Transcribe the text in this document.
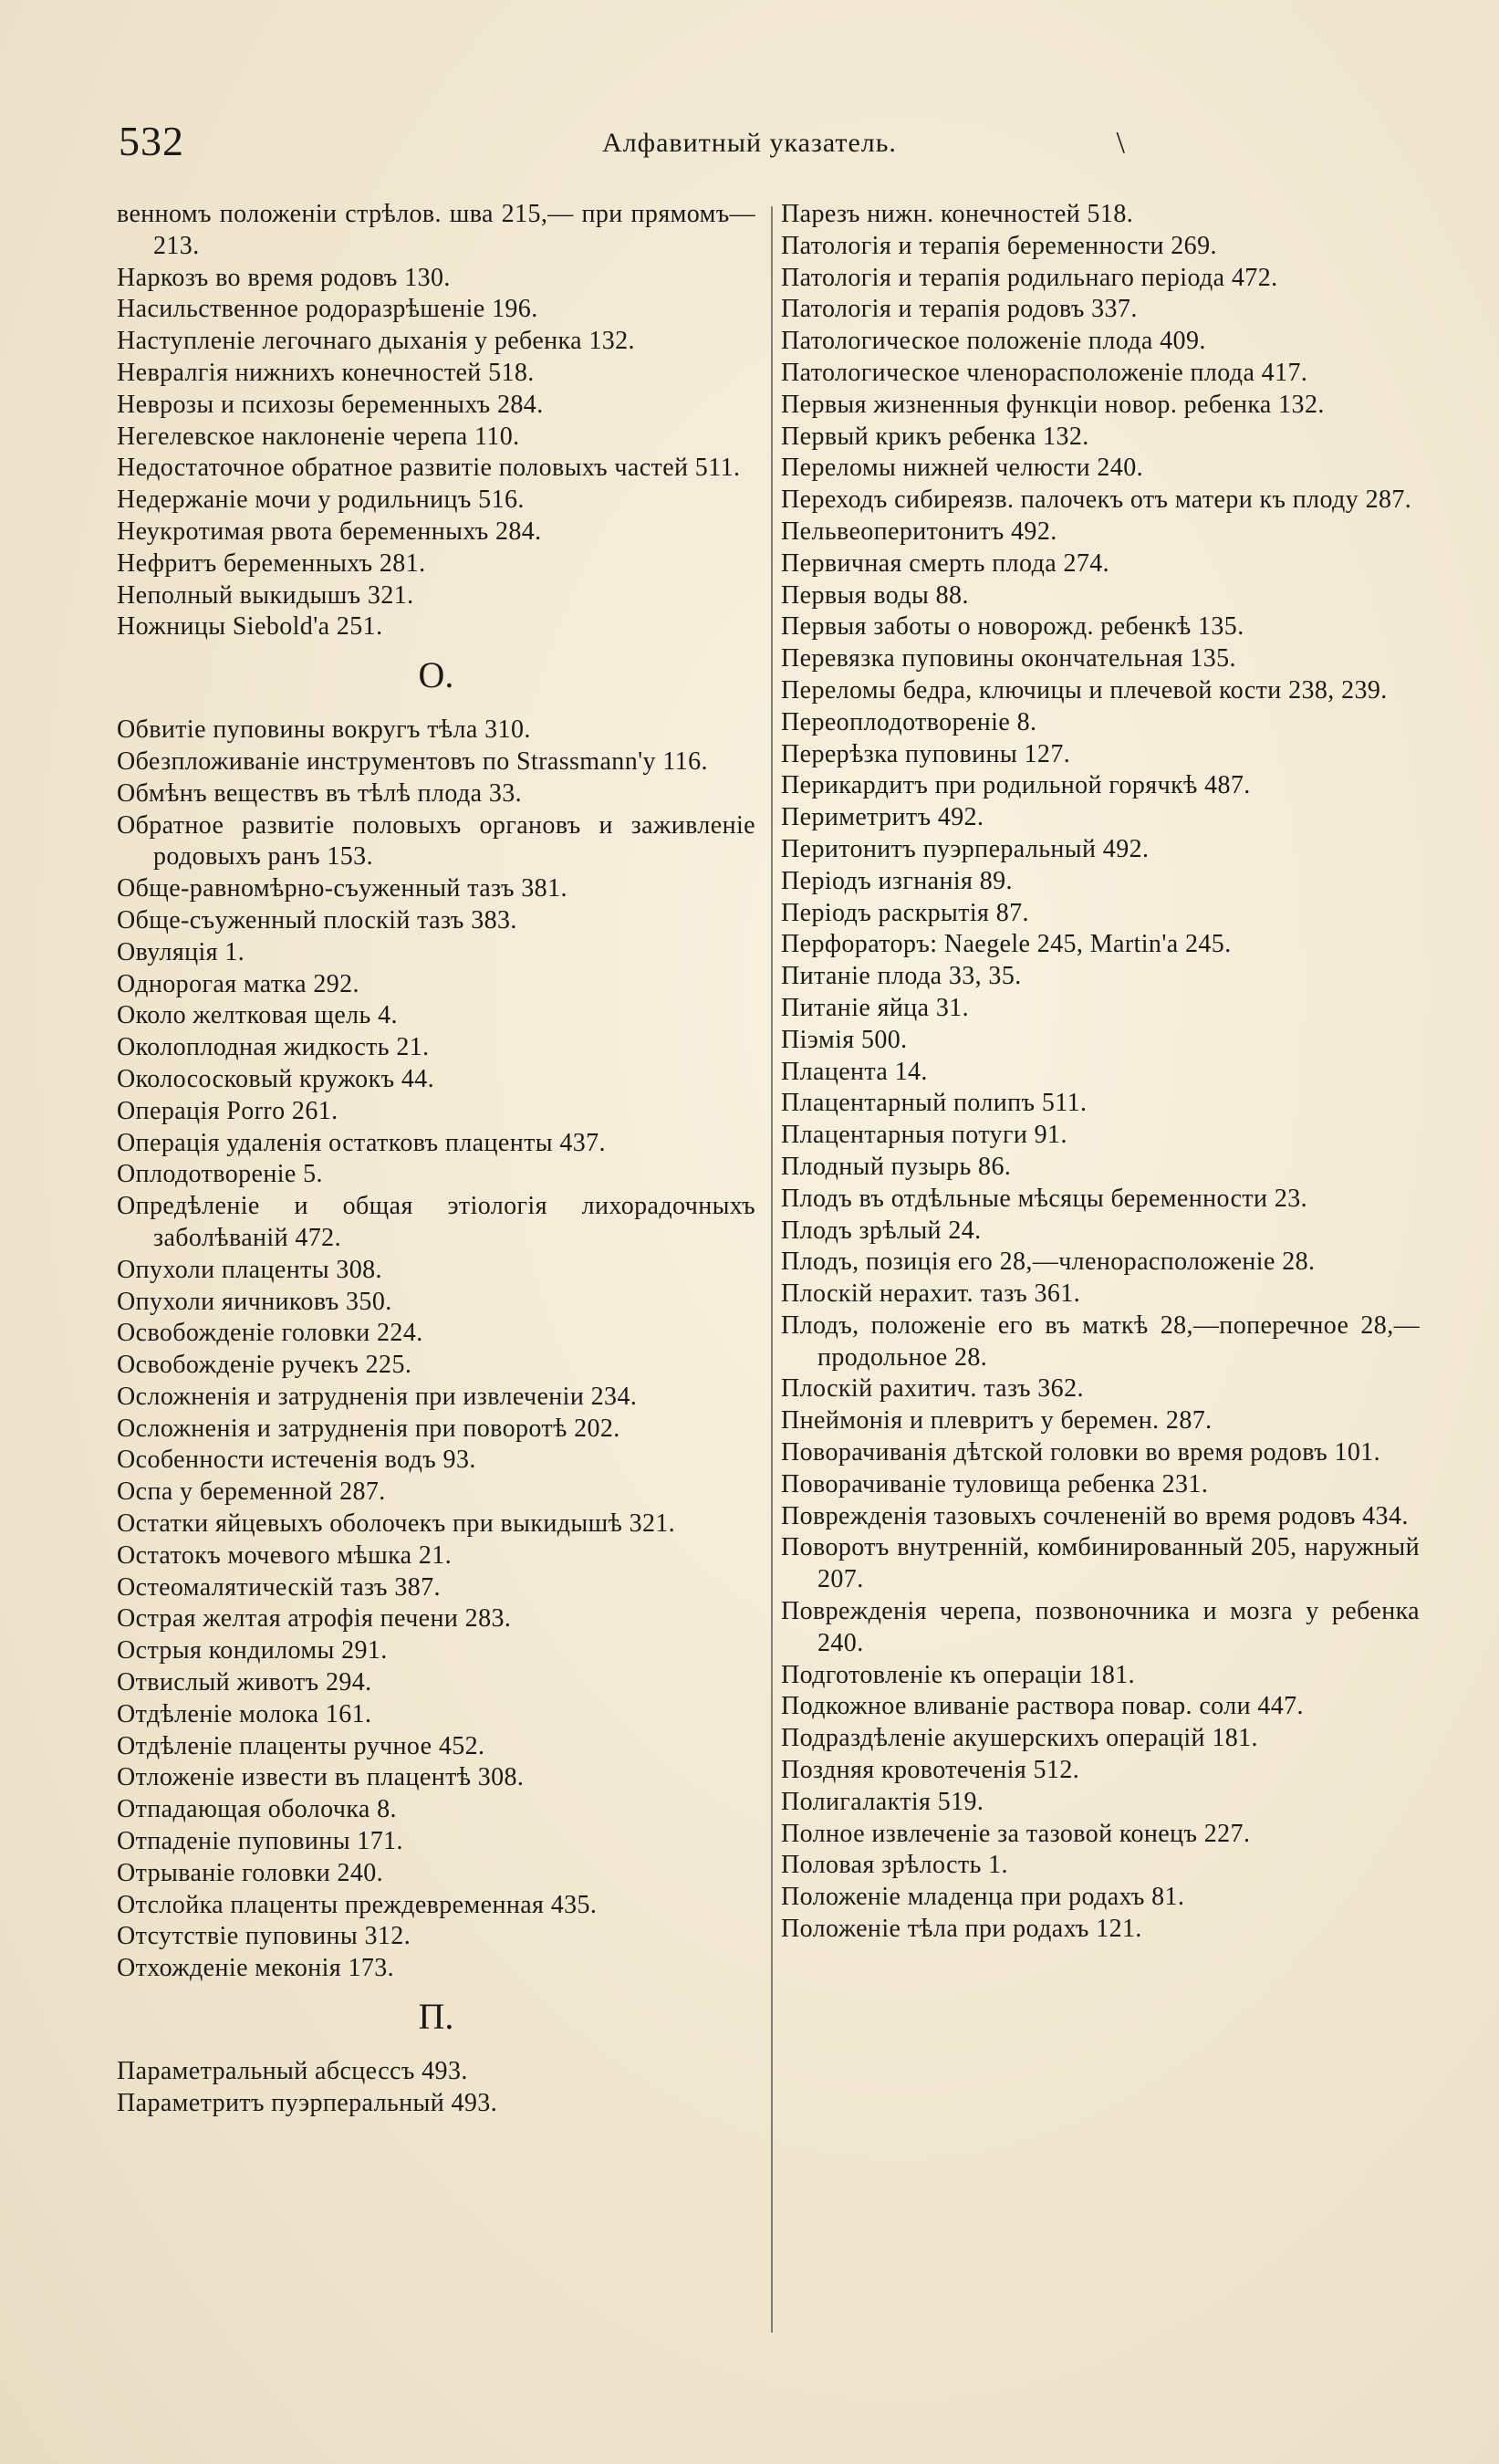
532	Алфавитный указатель.	\

венномъ положеніи стрѣлов. шва 215,— при прямомъ—213.

Наркозъ во время родовъ 130.

Насильственное родоразрѣшеніе 196.

Наступленіе легочнаго дыханія у ребенка 132.

Невралгія нижнихъ конечностей 518.

Неврозы и психозы беременныхъ 284.

Негелевское наклоненіе черепа 110.

Недостаточное обратное развитіе половыхъ частей 511.

Недержаніе мочи у родильницъ 516.

Неукротимая рвота беременныхъ 284.

Нефритъ беременныхъ 281.

Неполный выкидышъ 321.

Ножницы Siebold'a 251.

О.

Обвитіе пуповины вокругъ тѣла 310.

Обезпложиваніе инструментовъ по Strassmann'у 116.

Обмѣнъ веществъ въ тѣлѣ плода 33.

Обратное развитіе половыхъ органовъ и заживленіе родовыхъ ранъ 153.

Обще-равномѣрно-съуженный тазъ 381.

Обще-съуженный плоскій тазъ 383.

Овуляція 1.

Однорогая матка 292.

Около желтковая щель 4.

Околоплодная жидкость 21.

Околососковый кружокъ 44.

Операція Porro 261.

Операція удаленія остатковъ плаценты 437.

Оплодотвореніе 5.

Опредѣленіе и общая этіологія лихорадочныхъ заболѣваній 472.

Опухоли плаценты 308.

Опухоли яичниковъ 350.

Освобожденіе головки 224.

Освобожденіе ручекъ 225.

Осложненія и затрудненія при извлеченіи 234.

Осложненія и затрудненія при поворотѣ 202.

Особенности истеченія водъ 93.

Оспа у беременной 287.

Остатки яйцевыхъ оболочекъ при выкидышѣ 321.

Остатокъ мочевого мѣшка 21.

Остеомалятическій тазъ 387.

Острая желтая атрофія печени 283.

Острыя кондиломы 291.

Отвислый животъ 294.

Отдѣленіе молока 161.

Отдѣленіе плаценты ручное 452.

Отложеніе извести въ плацентѣ 308.

Отпадающая оболочка 8.

Отпаденіе пуповины 171.

Отрываніе головки 240.

Отслойка плаценты преждевременная 435.

Отсутствіе пуповины 312.

Отхожденіе меконія 173.

П.

Параметральный абсцессъ 493.

Параметритъ пуэрперальный 493.

Парезъ нижн. конечностей 518.

Патологія и терапія беременности 269.

Патологія и терапія родильнаго періода 472.

Патологія и терапія родовъ 337.

Патологическое положеніе плода 409.

Патологическое членорасположеніе плода 417.

Первыя жизненныя функціи новор. ребенка 132.

Первый крикъ ребенка 132.

Переломы нижней челюсти 240.

Переходъ сибиреязв. палочекъ отъ матери къ плоду 287.

Пельвеоперитонитъ 492.

Первичная смерть плода 274.

Первыя воды 88.

Первыя заботы о новорожд. ребенкѣ 135.

Перевязка пуповины окончательная 135.

Переломы бедра, ключицы и плечевой кости 238, 239.

Переоплодотвореніе 8.

Перерѣзка пуповины 127.

Перикардитъ при родильной горячкѣ 487.

Периметритъ 492.

Перитонитъ пуэрперальный 492.

Періодъ изгнанія 89.

Періодъ раскрытія 87.

Перфораторъ: Naegele 245, Martin'a 245.

Питаніе плода 33, 35.

Питаніе яйца 31.

Піэмія 500.

Плацента 14.

Плацентарный полипъ 511.

Плацентарныя потуги 91.

Плодный пузырь 86.

Плодъ въ отдѣльные мѣсяцы беременности 23.

Плодъ зрѣлый 24.

Плодъ, позиція его 28,—членорасположеніе 28.

Плоскій нерахит. тазъ 361.

Плодъ, положеніе его въ маткѣ 28,—поперечное 28,—продольное 28.

Плоскій рахитич. тазъ 362.

Пнеймонія и плевритъ у беремен. 287.

Поворачиванія дѣтской головки во время родовъ 101.

Поворачиваніе туловища ребенка 231.

Поврежденія тазовыхъ сочлененій во время родовъ 434.

Поворотъ внутренній, комбинированный 205, наружный 207.

Поврежденія черепа, позвоночника и мозга у ребенка 240.

Подготовленіе къ операціи 181.

Подкожное вливаніе раствора повар. соли 447.

Подраздѣленіе акушерскихъ операцій 181.

Поздняя кровотеченія 512.

Полигалактія 519.

Полное извлеченіе за тазовой конецъ 227.

Половая зрѣлость 1.

Положеніе младенца при родахъ 81.

Положеніе тѣла при родахъ 121.
